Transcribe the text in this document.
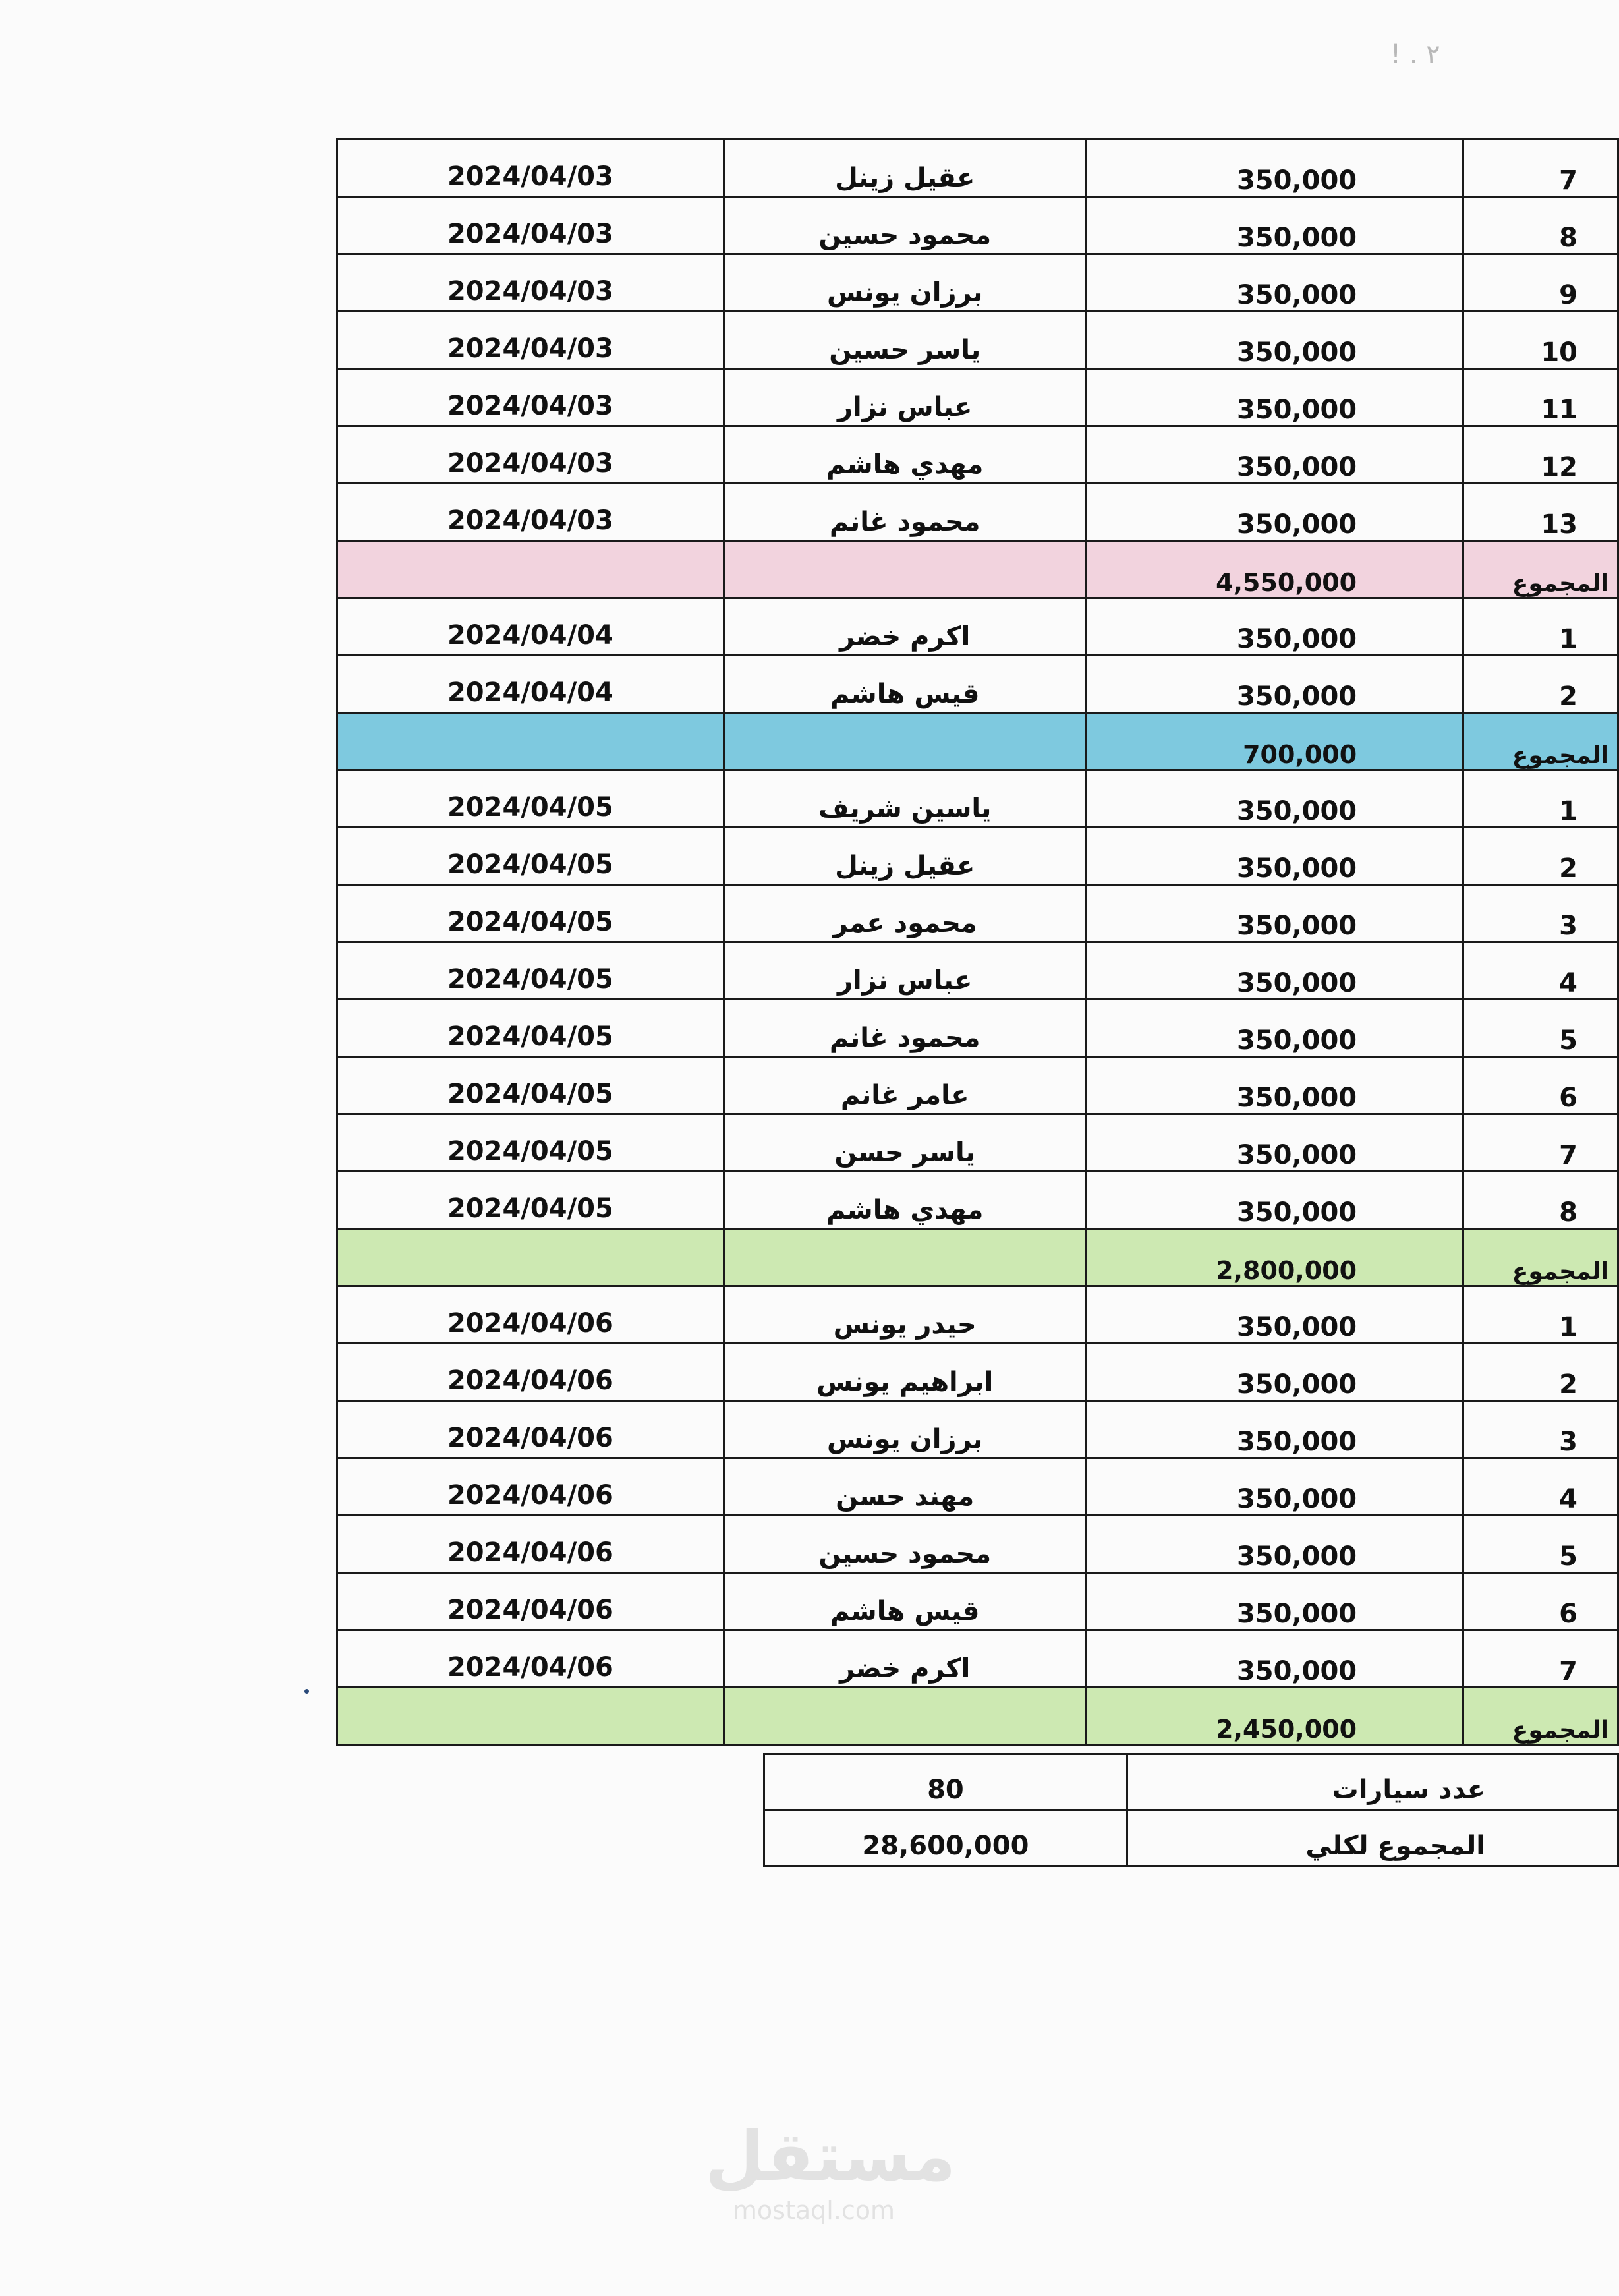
! . ۲
2024/04/03	عقيل زينل	350,000	7
2024/04/03	محمود حسين	350,000	8
2024/04/03	برزان يونس	350,000	9
2024/04/03	ياسر حسين	350,000	10
2024/04/03	عباس نزار	350,000	11
2024/04/03	مهدي هاشم	350,000	12
2024/04/03	محمود غانم	350,000	13
		4,550,000	المجموع
2024/04/04	اكرم خضر	350,000	1
2024/04/04	قيس هاشم	350,000	2
		700,000	المجموع
2024/04/05	ياسين شريف	350,000	1
2024/04/05	عقيل زينل	350,000	2
2024/04/05	محمود عمر	350,000	3
2024/04/05	عباس نزار	350,000	4
2024/04/05	محمود غانم	350,000	5
2024/04/05	عامر غانم	350,000	6
2024/04/05	ياسر حسن	350,000	7
2024/04/05	مهدي هاشم	350,000	8
		2,800,000	المجموع
2024/04/06	حيدر يونس	350,000	1
2024/04/06	ابراهيم يونس	350,000	2
2024/04/06	برزان يونس	350,000	3
2024/04/06	مهند حسن	350,000	4
2024/04/06	محمود حسين	350,000	5
2024/04/06	قيس هاشم	350,000	6
2024/04/06	اكرم خضر	350,000	7
		2,450,000	المجموع
80	عدد سيارات
28,600,000	المجموع لكلي
مستقل
mostaql.com
